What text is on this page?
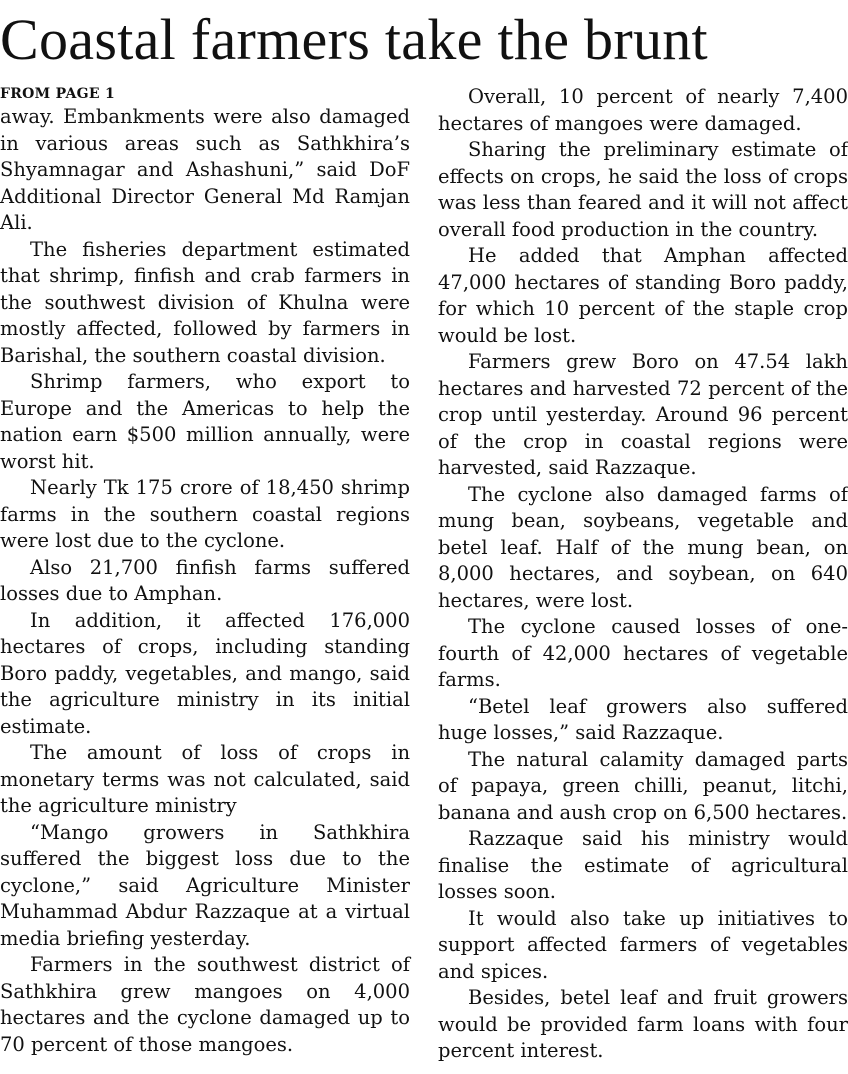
Coastal farmers take the brunt
FROM PAGE 1

away. Embankments were also damaged in various areas such as Sathkhira’s Shyamnagar and Ashashuni,” said DoF Additional Director General Md Ramjan Ali.

The fisheries department estimated that shrimp, finfish and crab farmers in the southwest division of Khulna were mostly affected, followed by farmers in Barishal, the southern coastal division.

Shrimp farmers, who export to Europe and the Americas to help the nation earn $500 million annually, were worst hit.

Nearly Tk 175 crore of 18,450 shrimp farms in the southern coastal regions were lost due to the cyclone.

Also 21,700 finfish farms suffered losses due to Amphan.

In addition, it affected 176,000 hectares of crops, including standing Boro paddy, vegetables, and mango, said the agriculture ministry in its initial estimate.

The amount of loss of crops in monetary terms was not calculated, said the agriculture ministry

“Mango growers in Sathkhira suffered the biggest loss due to the cyclone,” said Agriculture Minister Muhammad Abdur Razzaque at a virtual media briefing yesterday.

Farmers in the southwest district of Sathkhira grew mangoes on 4,000 hectares and the cyclone damaged up to 70 percent of those mangoes.

Overall, 10 percent of nearly 7,400 hectares of mangoes were damaged.

Sharing the preliminary estimate of effects on crops, he said the loss of crops was less than feared and it will not affect overall food production in the country.

He added that Amphan affected 47,000 hectares of standing Boro paddy, for which 10 percent of the staple crop would be lost.

Farmers grew Boro on 47.54 lakh hectares and harvested 72 percent of the crop until yesterday. Around 96 percent of the crop in coastal regions were harvested, said Razzaque.

The cyclone also damaged farms of mung bean, soybeans, vegetable and betel leaf. Half of the mung bean, on 8,000 hectares, and soybean, on 640 hectares, were lost.

The cyclone caused losses of one-fourth of 42,000 hectares of vegetable farms.

“Betel leaf growers also suffered huge losses,” said Razzaque.

The natural calamity damaged parts of papaya, green chilli, peanut, litchi, banana and aush crop on 6,500 hectares.

Razzaque said his ministry would finalise the estimate of agricultural losses soon.

It would also take up initiatives to support affected farmers of vegetables and spices.

Besides, betel leaf and fruit growers would be provided farm loans with four percent interest.
